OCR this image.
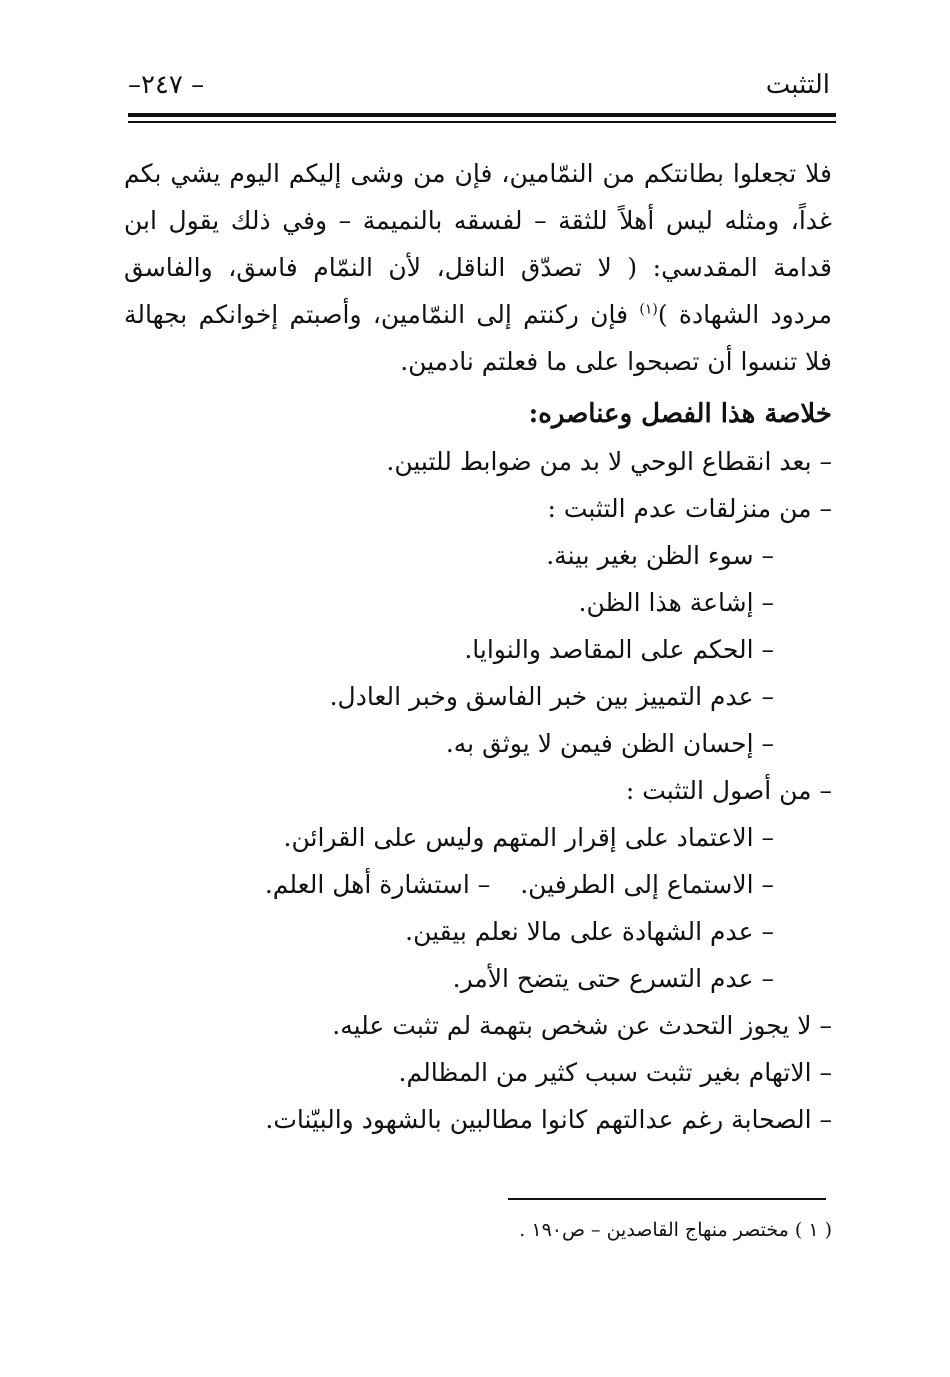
التثبت
– ٢٤٧–

فلا تجعلوا بطانتكم من النمّامين، فإن من وشى إليكم اليوم يشي بكم غداً، ومثله ليس أهلاً للثقة – لفسقه بالنميمة – وفي ذلك يقول ابن قدامة المقدسي: ( لا تصدّق الناقل، لأن النمّام فاسق، والفاسق مردود الشهادة )$^{(١)}$ فإن ركنتم إلى النمّامين، وأصبتم إخوانكم بجهالة فلا تنسوا أن تصبحوا على ما فعلتم نادمين.

خلاصة هذا الفصل وعناصره:
– بعد انقطاع الوحي لا بد من ضوابط للتبين.
– من منزلقات عدم التثبت :
– سوء الظن بغير بينة.
– إشاعة هذا الظن.
– الحكم على المقاصد والنوايا.
– عدم التمييز بين خبر الفاسق وخبر العادل.
– إحسان الظن فيمن لا يوثق به.
– من أصول التثبت :
– الاعتماد على إقرار المتهم وليس على القرائن.
– الاستماع إلى الطرفين.– استشارة أهل العلم.
– عدم الشهادة على مالا نعلم بيقين.
– عدم التسرع حتى يتضح الأمر.
– لا يجوز التحدث عن شخص بتهمة لم تثبت عليه.
– الاتهام بغير تثبت سبب كثير من المظالم.
– الصحابة رغم عدالتهم كانوا مطالبين بالشهود والبيّنات.
( ١ ) مختصر منهاج القاصدين – ص١٩٠ .
